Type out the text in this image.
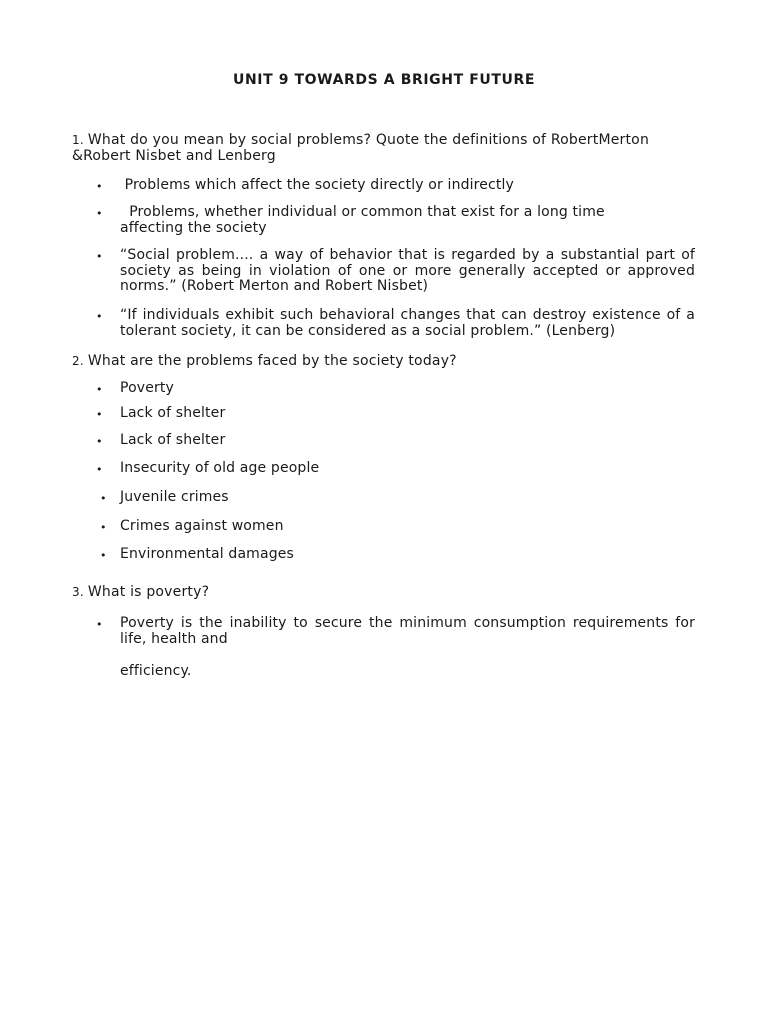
UNIT 9 TOWARDS A BRIGHT FUTURE
1. What do you mean by social problems? Quote the definitions of RobertMerton &Robert Nisbet and Lenberg
• Problems which affect the society directly or indirectly
• Problems, whether individual or common that exist for a long time affecting the society
• “Social problem.... a way of behavior that is regarded by a substantial part of society as being in violation of one or more generally accepted or approved norms.” (Robert Merton and Robert Nisbet)
• “If individuals exhibit such behavioral changes that can destroy existence of a tolerant society, it can be considered as a social problem.” (Lenberg)
2. What are the problems faced by the society today?
• Poverty
• Lack of shelter
• Lack of shelter
• Insecurity of old age people
• Juvenile crimes
• Crimes against women
• Environmental damages
3. What is poverty?
• Poverty is the inability to secure the minimum consumption requirements for life, health and
efficiency.
